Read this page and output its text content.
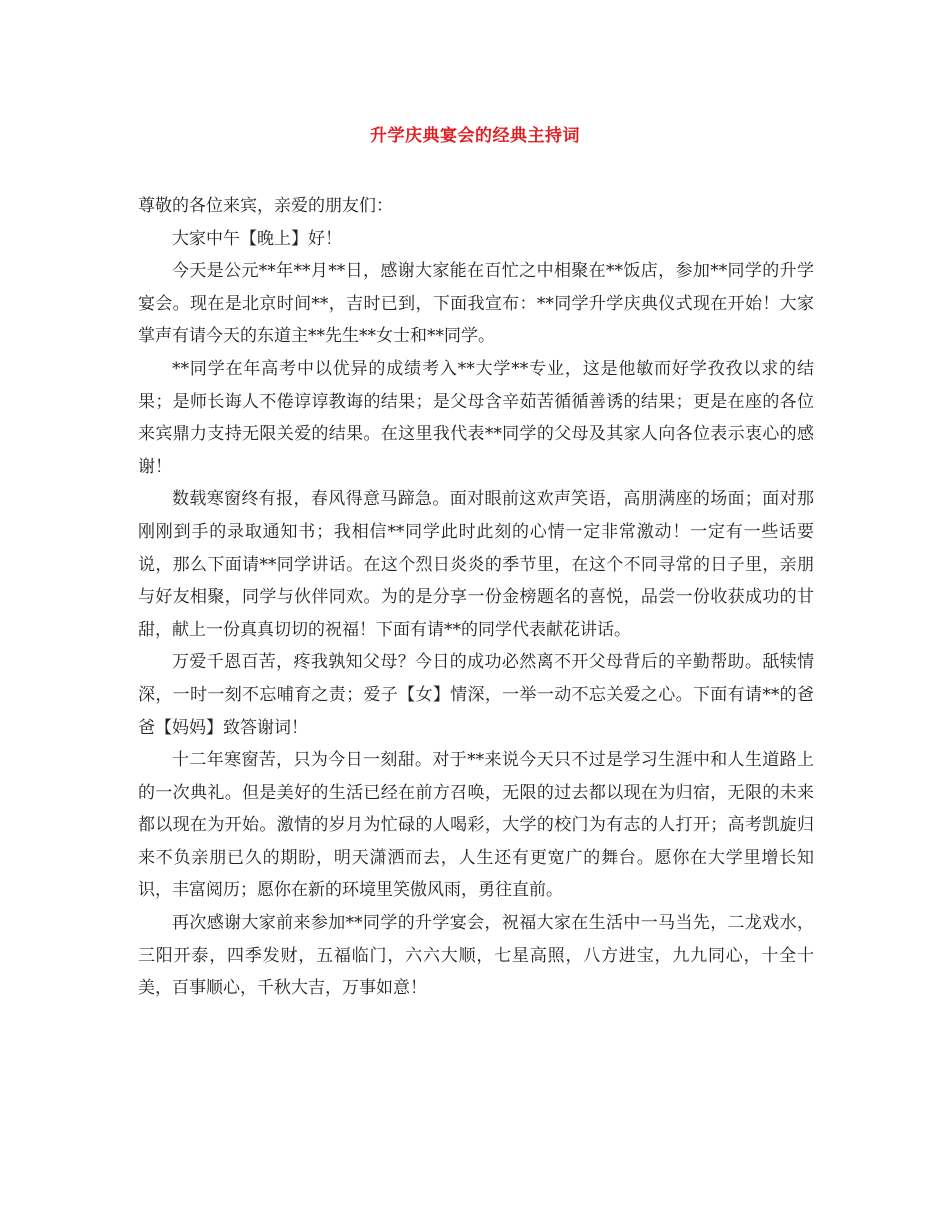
升学庆典宴会的经典主持词

尊敬的各位来宾，亲爱的朋友们：

大家中午【晚上】好！

今天是公元**年**月**日，感谢大家能在百忙之中相聚在**饭店，参加**同学的升学宴会。现在是北京时间**，吉时已到，下面我宣布：**同学升学庆典仪式现在开始！大家掌声有请今天的东道主**先生**女士和**同学。

**同学在年高考中以优异的成绩考入**大学**专业，这是他敏而好学孜孜以求的结果；是师长诲人不倦谆谆教诲的结果；是父母含辛茹苦循循善诱的结果；更是在座的各位来宾鼎力支持无限关爱的结果。在这里我代表**同学的父母及其家人向各位表示衷心的感谢！

数载寒窗终有报，春风得意马蹄急。面对眼前这欢声笑语，高朋满座的场面；面对那刚刚到手的录取通知书；我相信**同学此时此刻的心情一定非常激动！一定有一些话要说，那么下面请**同学讲话。在这个烈日炎炎的季节里，在这个不同寻常的日子里，亲朋与好友相聚，同学与伙伴同欢。为的是分享一份金榜题名的喜悦，品尝一份收获成功的甘甜，献上一份真真切切的祝福！下面有请**的同学代表献花讲话。

万爱千恩百苦，疼我孰知父母？今日的成功必然离不开父母背后的辛勤帮助。舐犊情深，一时一刻不忘哺育之责；爱子【女】情深，一举一动不忘关爱之心。下面有请**的爸爸【妈妈】致答谢词！

十二年寒窗苦，只为今日一刻甜。对于**来说今天只不过是学习生涯中和人生道路上的一次典礼。但是美好的生活已经在前方召唤，无限的过去都以现在为归宿，无限的未来都以现在为开始。激情的岁月为忙碌的人喝彩，大学的校门为有志的人打开；高考凯旋归来不负亲朋已久的期盼，明天潇洒而去，人生还有更宽广的舞台。愿你在大学里增长知识，丰富阅历；愿你在新的环境里笑傲风雨，勇往直前。

再次感谢大家前来参加**同学的升学宴会，祝福大家在生活中一马当先，二龙戏水，三阳开泰，四季发财，五福临门，六六大顺，七星高照，八方进宝，九九同心，十全十美，百事顺心，千秋大吉，万事如意！
